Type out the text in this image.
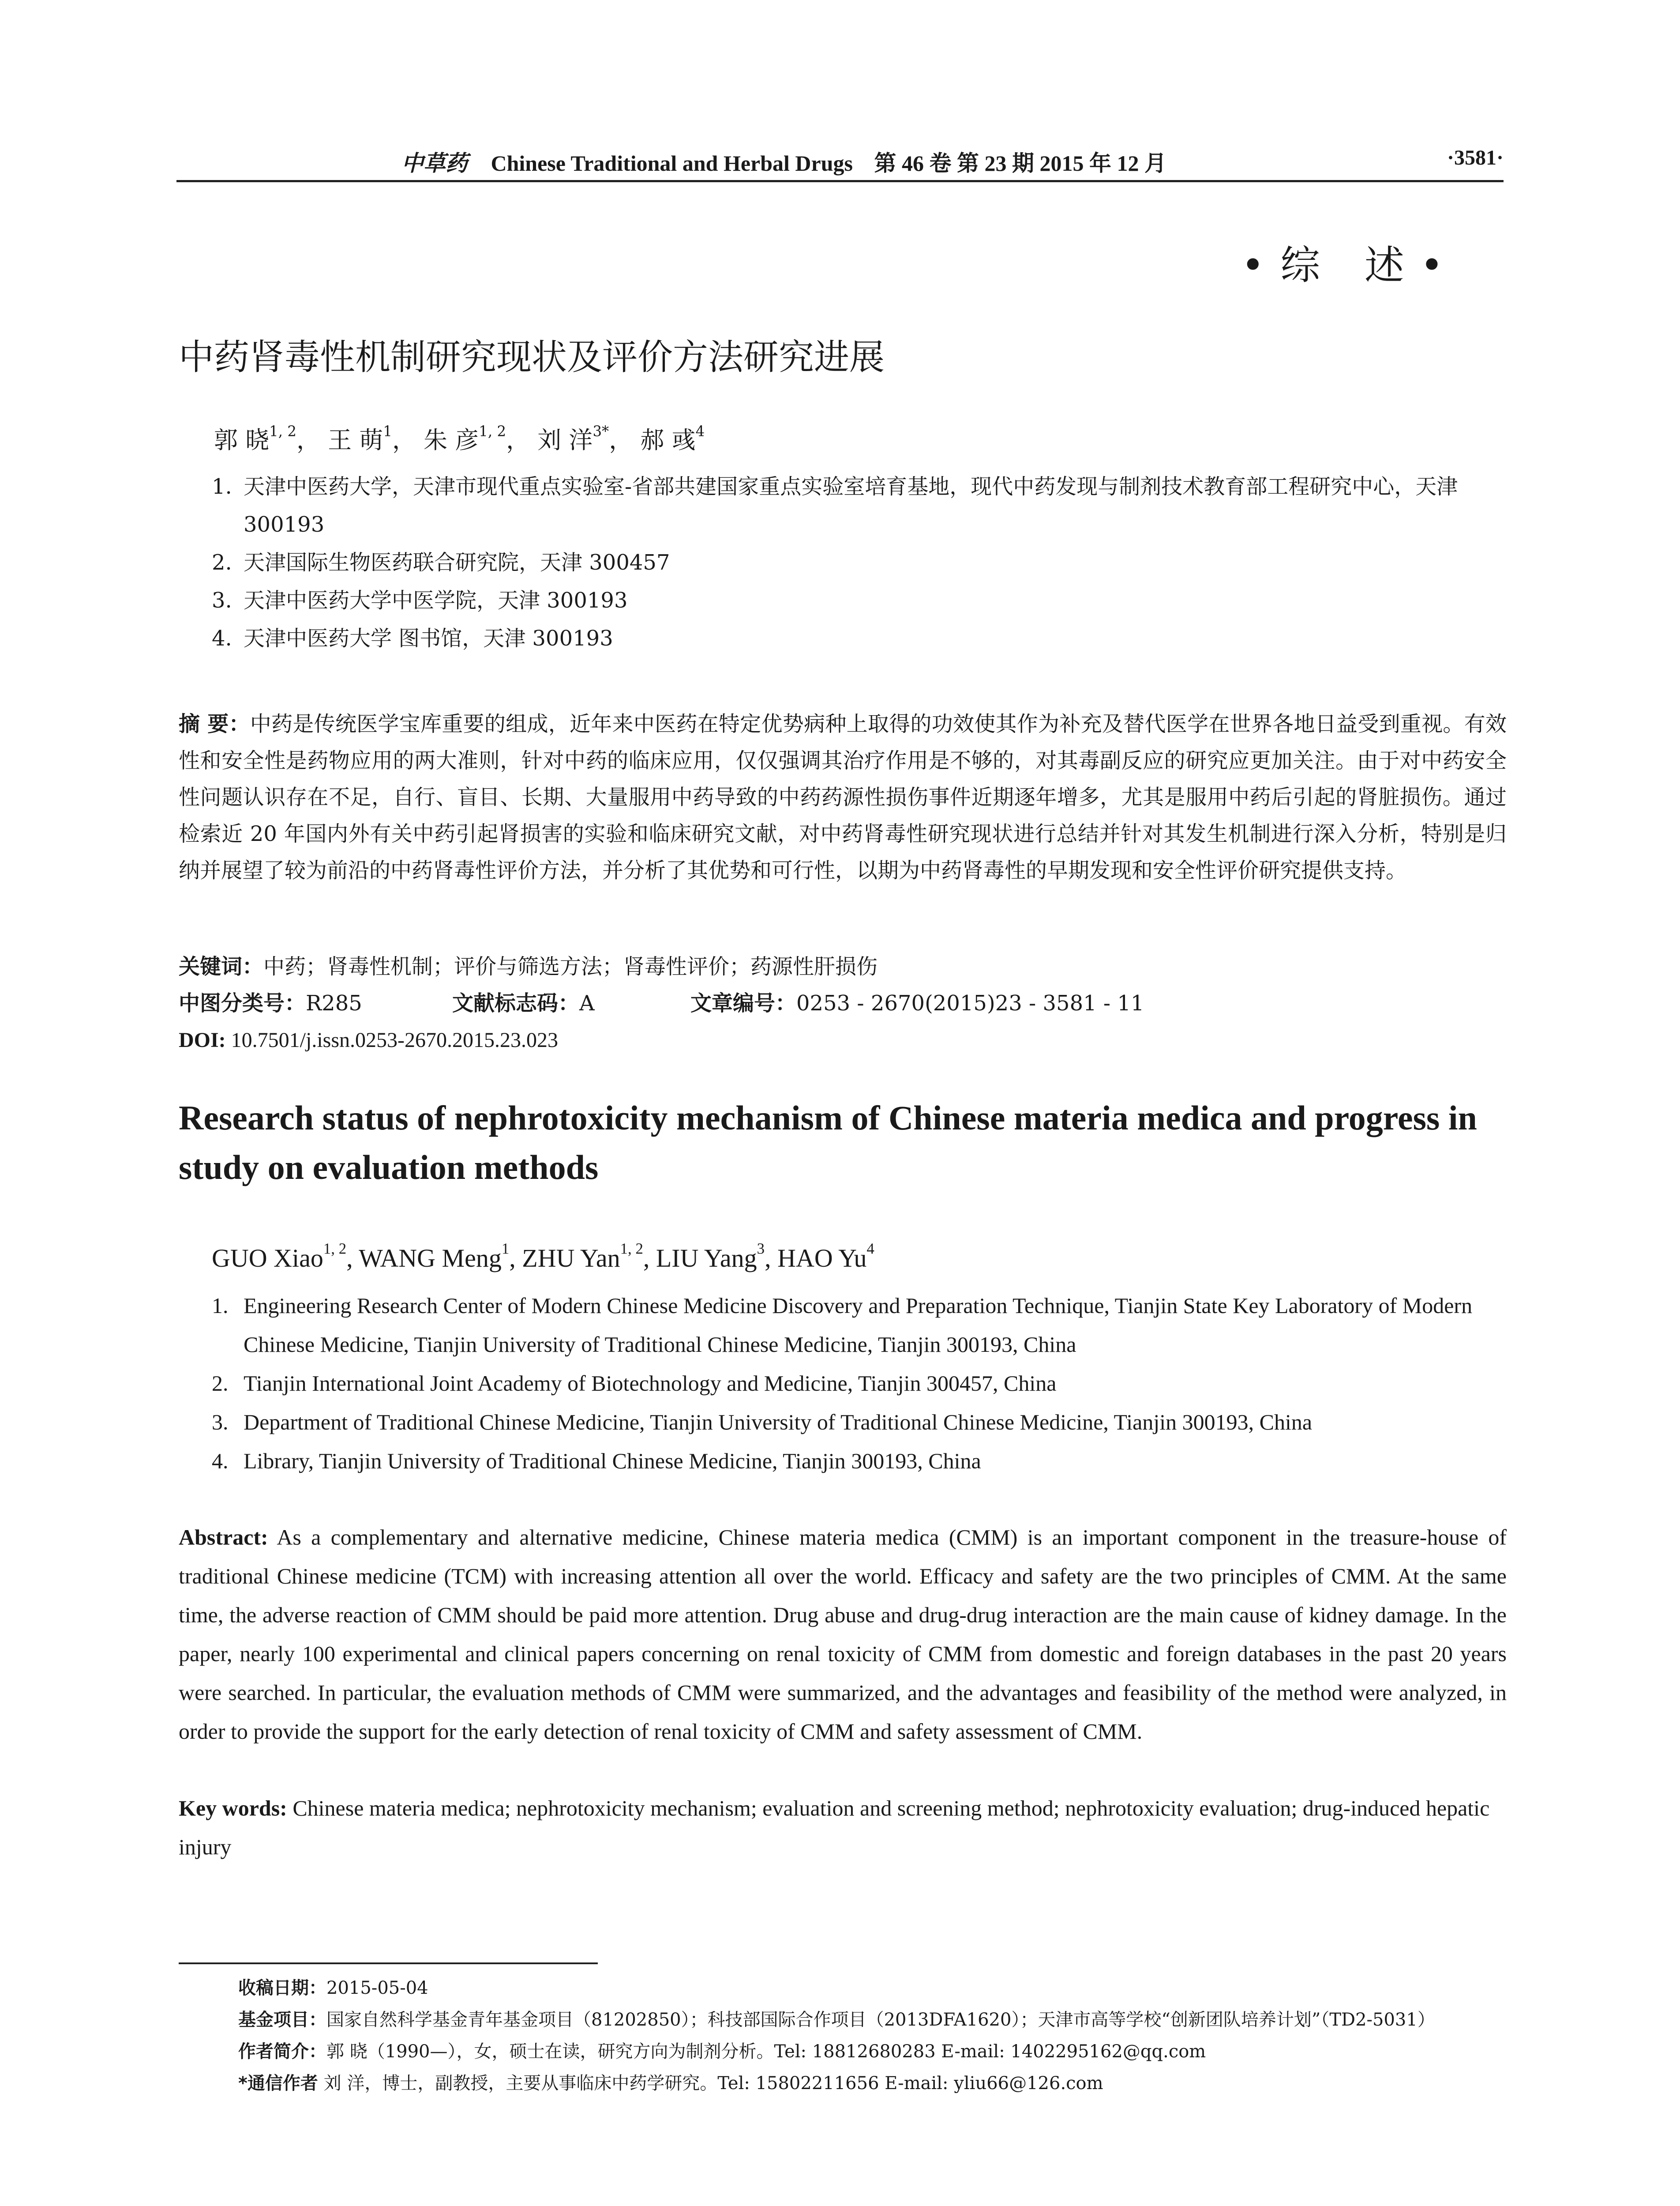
中草药 Chinese Traditional and Herbal Drugs 第 46 卷 第 23 期 2015 年 12 月	·3581·
•综 述•
中药肾毒性机制研究现状及评价方法研究进展
郭 晓$^{1, 2}$， 王 萌$^1$， 朱 彦$^{1, 2}$， 刘 洋$^{3*}$， 郝 彧$^4$
1. 天津中医药大学，天津市现代重点实验室-省部共建国家重点实验室培育基地，现代中药发现与制剂技术教育部工程研究中心，天津 300193
2. 天津国际生物医药联合研究院，天津 300457
3. 天津中医药大学中医学院，天津 300193
4. 天津中医药大学 图书馆，天津 300193
摘 要：中药是传统医学宝库重要的组成，近年来中医药在特定优势病种上取得的功效使其作为补充及替代医学在世界各地日益受到重视。有效性和安全性是药物应用的两大准则，针对中药的临床应用，仅仅强调其治疗作用是不够的，对其毒副反应的研究应更加关注。由于对中药安全性问题认识存在不足，自行、盲目、长期、大量服用中药导致的中药药源性损伤事件近期逐年增多，尤其是服用中药后引起的肾脏损伤。通过检索近 20 年国内外有关中药引起肾损害的实验和临床研究文献，对中药肾毒性研究现状进行总结并针对其发生机制进行深入分析，特别是归纳并展望了较为前沿的中药肾毒性评价方法，并分析了其优势和可行性，以期为中药肾毒性的早期发现和安全性评价研究提供支持。
关键词：中药；肾毒性机制；评价与筛选方法；肾毒性评价；药源性肝损伤
中图分类号：R285	文献标志码：A	文章编号：0253 - 2670(2015)23 - 3581 - 11
DOI: 10.7501/j.issn.0253-2670.2015.23.023
Research status of nephrotoxicity mechanism of Chinese materia medica and progress in study on evaluation methods
GUO Xiao$^{1, 2}$, WANG Meng$^1$, ZHU Yan$^{1, 2}$, LIU Yang$^3$, HAO Yu$^4$
1. Engineering Research Center of Modern Chinese Medicine Discovery and Preparation Technique, Tianjin State Key Laboratory of Modern Chinese Medicine, Tianjin University of Traditional Chinese Medicine, Tianjin 300193, China
2. Tianjin International Joint Academy of Biotechnology and Medicine, Tianjin 300457, China
3. Department of Traditional Chinese Medicine, Tianjin University of Traditional Chinese Medicine, Tianjin 300193, China
4. Library, Tianjin University of Traditional Chinese Medicine, Tianjin 300193, China
Abstract: As a complementary and alternative medicine, Chinese materia medica (CMM) is an important component in the treasure-house of traditional Chinese medicine (TCM) with increasing attention all over the world. Efficacy and safety are the two principles of CMM. At the same time, the adverse reaction of CMM should be paid more attention. Drug abuse and drug-drug interaction are the main cause of kidney damage. In the paper, nearly 100 experimental and clinical papers concerning on renal toxicity of CMM from domestic and foreign databases in the past 20 years were searched. In particular, the evaluation methods of CMM were summarized, and the advantages and feasibility of the method were analyzed, in order to provide the support for the early detection of renal toxicity of CMM and safety assessment of CMM.
Key words: Chinese materia medica; nephrotoxicity mechanism; evaluation and screening method; nephrotoxicity evaluation; drug-induced hepatic injury
收稿日期：2015-05-04
基金项目：国家自然科学基金青年基金项目（81202850）；科技部国际合作项目（2013DFA1620）；天津市高等学校“创新团队培养计划”（TD2-5031）
作者简介：郭 晓（1990—），女，硕士在读，研究方向为制剂分析。Tel: 18812680283 E-mail: 1402295162@qq.com
*通信作者 刘 洋，博士，副教授，主要从事临床中药学研究。Tel: 15802211656 E-mail: yliu66@126.com
